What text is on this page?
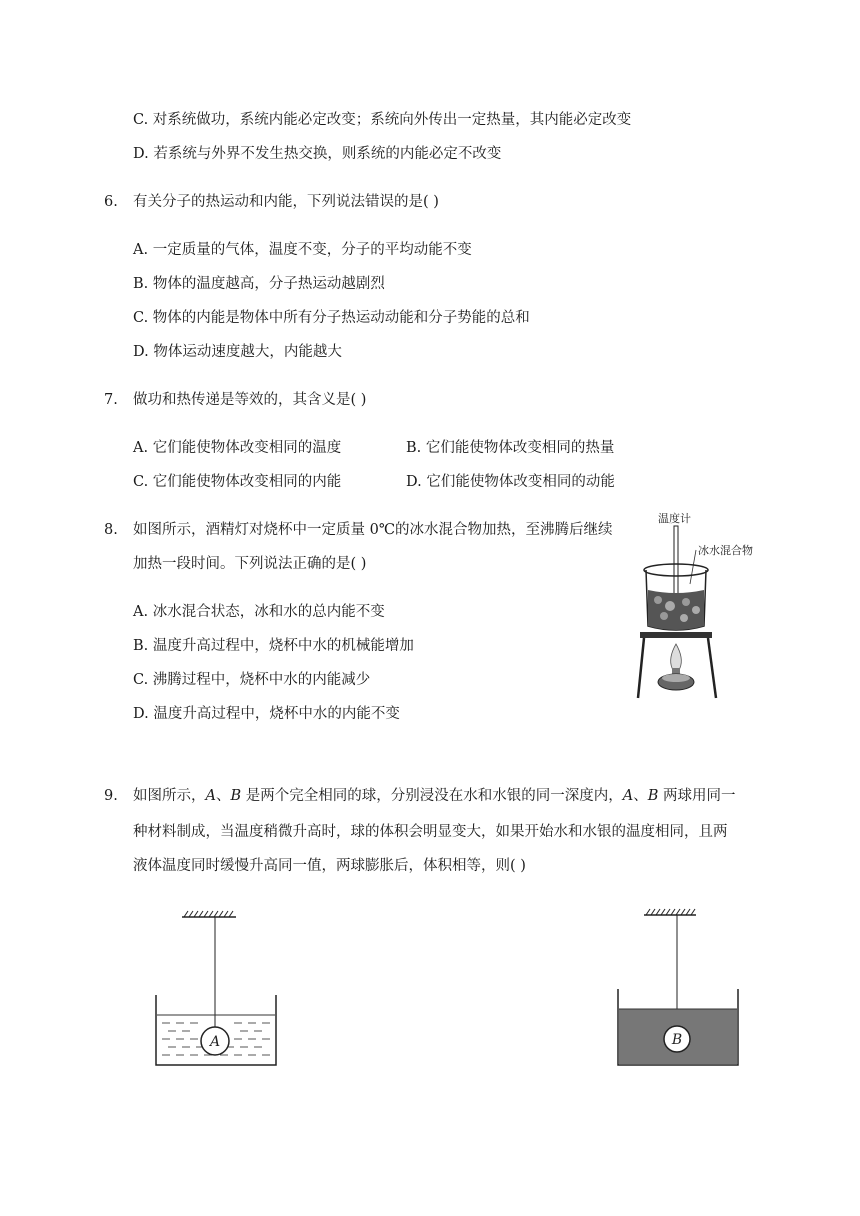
C. 对系统做功，系统内能必定改变；系统向外传出一定热量，其内能必定改变
D. 若系统与外界不发生热交换，则系统的内能必定不改变
6. 有关分子的热运动和内能，下列说法错误的是( )
A. 一定质量的气体，温度不变，分子的平均动能不变
B. 物体的温度越高，分子热运动越剧烈
C. 物体的内能是物体中所有分子热运动动能和分子势能的总和
D. 物体运动速度越大，内能越大
7. 做功和热传递是等效的，其含义是( )
A. 它们能使物体改变相同的温度	B. 它们能使物体改变相同的热量
C. 它们能使物体改变相同的内能	D. 它们能使物体改变相同的动能
8. 如图所示，酒精灯对烧杯中一定质量 0℃的冰水混合物加热，至沸腾后继续
加热一段时间。下列说法正确的是( )
A. 冰水混合状态，冰和水的总内能不变
B. 温度升高过程中，烧杯中水的机械能增加
C. 沸腾过程中，烧杯中水的内能减少
D. 温度升高过程中，烧杯中水的内能不变
温度计
冰水混合物
9. 如图所示，A、B 是两个完全相同的球，分别浸没在水和水银的同一深度内，A、B 两球用同一
种材料制成，当温度稍微升高时，球的体积会明显变大，如果开始水和水银的温度相同，且两
液体温度同时缓慢升高同一值，两球膨胀后，体积相等，则( )
A	B
